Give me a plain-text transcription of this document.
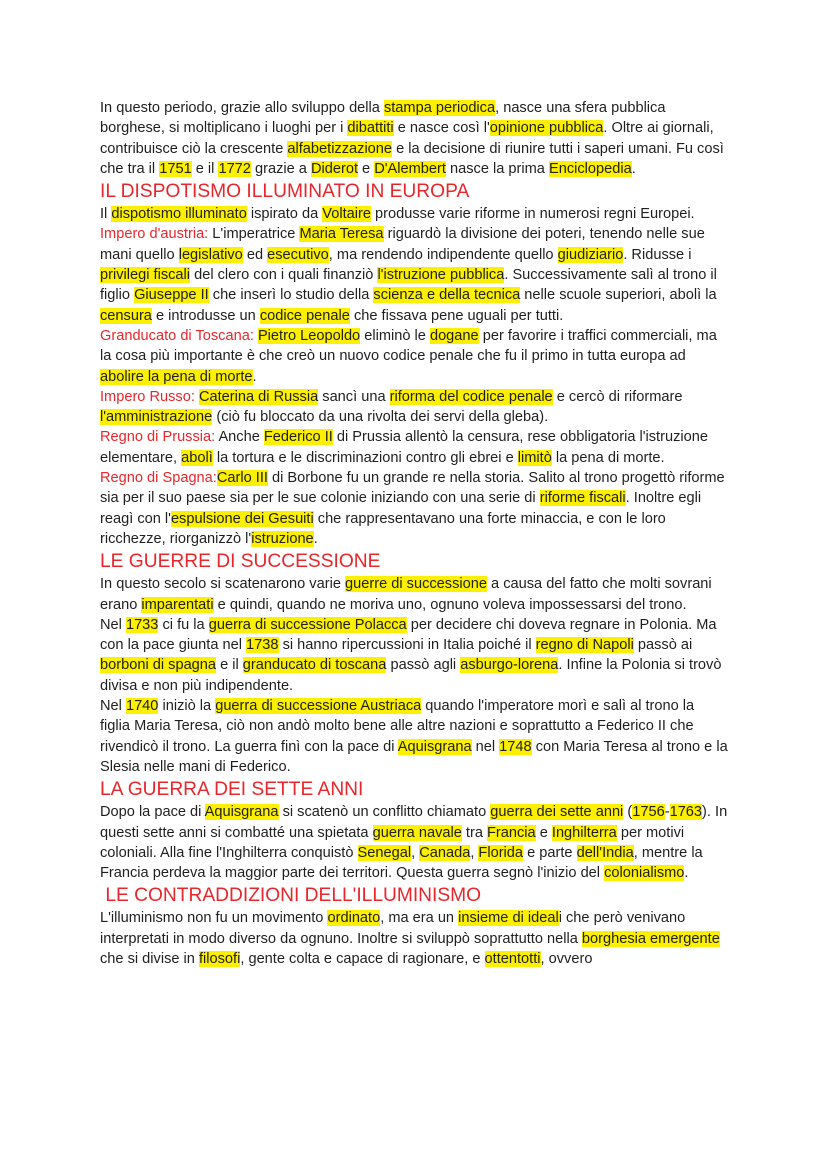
In questo periodo, grazie allo sviluppo della stampa periodica, nasce una sfera pubblica borghese, si moltiplicano i luoghi per i dibattiti e nasce così l'opinione pubblica. Oltre ai giornali, contribuisce ciò la crescente alfabetizzazione e la decisione di riunire tutti i saperi umani. Fu così che tra il 1751 e il 1772 grazie a Diderot e D'Alembert nasce la prima Enciclopedia.

IL DISPOTISMO ILLUMINATO IN EUROPA

Il dispotismo illuminato ispirato da Voltaire produsse varie riforme in numerosi regni Europei.

Impero d'austria: L'imperatrice Maria Teresa riguardò la divisione dei poteri, tenendo nelle sue mani quello legislativo ed esecutivo, ma rendendo indipendente quello giudiziario. Ridusse i privilegi fiscali del clero con i quali finanziò l'istruzione pubblica. Successivamente salì al trono il figlio Giuseppe II che inserì lo studio della scienza e della tecnica nelle scuole superiori, abolì la censura e introdusse un codice penale che fissava pene uguali per tutti.

Granducato di Toscana: Pietro Leopoldo eliminò le dogane per favorire i traffici commerciali, ma la cosa più importante è che creò un nuovo codice penale che fu il primo in tutta europa ad abolire la pena di morte.

Impero Russo: Caterina di Russia sancì una riforma del codice penale e cercò di riformare l'amministrazione (ciò fu bloccato da una rivolta dei servi della gleba).

Regno di Prussia: Anche Federico II di Prussia allentò la censura, rese obbligatoria l'istruzione elementare, abolì la tortura e le discriminazioni contro gli ebrei e limitò la pena di morte.

Regno di Spagna:Carlo III di Borbone fu un grande re nella storia. Salito al trono progettò riforme sia per il suo paese sia per le sue colonie iniziando con una serie di riforme fiscali. Inoltre egli reagì con l'espulsione dei Gesuiti che rappresentavano una forte minaccia, e con le loro ricchezze, riorganizzò l'istruzione.

LE GUERRE DI SUCCESSIONE

In questo secolo si scatenarono varie guerre di successione a causa del fatto che molti sovrani erano imparentati e quindi, quando ne moriva uno, ognuno voleva impossessarsi del trono.

Nel 1733 ci fu la guerra di successione Polacca per decidere chi doveva regnare in Polonia. Ma con la pace giunta nel 1738 si hanno ripercussioni in Italia poiché il regno di Napoli passò ai borboni di spagna e il granducato di toscana passò agli asburgo-lorena. Infine la Polonia si trovò divisa e non più indipendente.

Nel 1740 iniziò la guerra di successione Austriaca quando l'imperatore morì e salì al trono la figlia Maria Teresa, ciò non andò molto bene alle altre nazioni e soprattutto a Federico II che rivendicò il trono. La guerra finì con la pace di Aquisgrana nel 1748 con Maria Teresa al trono e la Slesia nelle mani di Federico.

LA GUERRA DEI SETTE ANNI

Dopo la pace di Aquisgrana si scatenò un conflitto chiamato guerra dei sette anni (1756-1763). In questi sette anni si combatté una spietata guerra navale tra Francia e Inghilterra per motivi coloniali. Alla fine l'Inghilterra conquistò Senegal, Canada, Florida e parte dell'India, mentre la Francia perdeva la maggior parte dei territori. Questa guerra segnò l'inizio del colonialismo.

LE CONTRADDIZIONI DELL'ILLUMINISMO

L'illuminismo non fu un movimento ordinato, ma era un insieme di ideali che però venivano interpretati in modo diverso da ognuno. Inoltre si sviluppò soprattutto nella borghesia emergente che si divise in filosofi, gente colta e capace di ragionare, e ottentotti, ovvero
